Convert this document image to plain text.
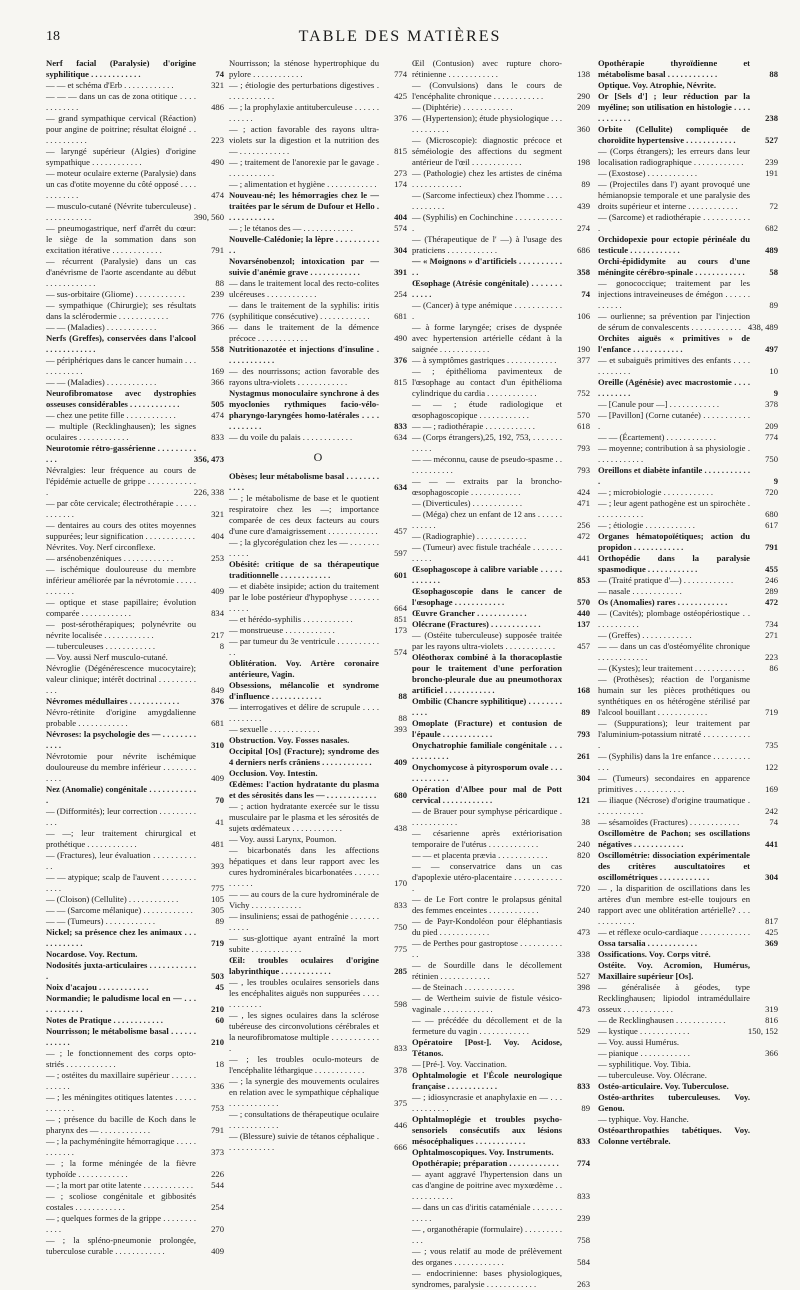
18	TABLE DES MATIÈRES
Nerf facial (Paralysie) d'origine syphilitique . . . . . . . . . . . .	74
— — et schéma d'Erb . . . . . . . . . . . .	321
— — — dans un cas de zona otitique . . . . . . . . . . . .	486
— grand sympathique cervical (Réaction) pour angine de poitrine; résultat éloigné . . . . . . . . . . . .	223
— laryngé supérieur (Algies) d'origine sympathique . . . . . . . . . . . .	490
— moteur oculaire externe (Paralysie) dans un cas d'otite moyenne du côté opposé . . . . . . . . . . . .	474
— musculo-cutané (Névrite tuberculeuse) . . . . . . . . . . . .	390, 560
— pneumogastrique, nerf d'arrêt du cœur: le siège de la sommation dans son excitation itérative . . . . . . . . . . . .	791
— récurrent (Paralysie) dans un cas d'anévrisme de l'aorte ascendante au début . . . . . . . . . . . .	88
— sus-orbitaire (Gliome) . . . . . . . . . . . .	239
— sympathique (Chirurgie); ses résultats dans la sclérodermie . . . . . . . . . . . .	776
— — (Maladies) . . . . . . . . . . . .	366
Nerfs (Greffes), conservées dans l'alcool . . . . . . . . . . . .	558
— périphériques dans le cancer humain . . . . . . . . . . . .	169
— — (Maladies) . . . . . . . . . . . .	366
Neurofibromatose avec dystrophies osseuses considérables . . . . . . . . . . . .	505
— chez une petite fille . . . . . . . . . . . .	474
— multiple (Recklinghausen); les signes oculaires . . . . . . . . . . . .	833
Neurotomie rétro-gassérienne . . . . . . . . . . . .	356, 473
Névralgies: leur fréquence au cours de l'épidémie actuelle de grippe . . . . . . . . . . . .	226, 338
— par côte cervicale; électrothérapie . . . . . . . . . . . .	321
— dentaires au cours des otites moyennes suppurées; leur signification . . . . . . . . . . . .	404
Névrites. Voy. Nerf circonflexe.
— arsénobenzéniques . . . . . . . . . . . .	253
— ischémique douloureuse du membre inférieur améliorée par la névrotomie . . . . . . . . . . . .	409
— optique et stase papillaire; évolution comparée . . . . . . . . . . . .	834
— post-sérothérapiques; polynévrite ou névrite localisée . . . . . . . . . . . .	217
— tuberculeuses . . . . . . . . . . . .	8
— Voy. aussi Nerf musculo-cutané.
Névroglie (Dégénérescence mucocytaire); valeur clinique; intérêt doctrinal . . . . . . . . . . . .	849
Névromes médullaires . . . . . . . . . . . .	376
Névro-rétinite d'origine amygdalienne probable . . . . . . . . . . . .	681
Névroses: la psychologie des — . . . . . . . . . . . .	310
Névrotomie pour névrite ischémique douloureuse du membre inférieur . . . . . . . . . . . .	409
Nez (Anomalie) congénitale . . . . . . . . . . . .	70
— (Difformités); leur correction . . . . . . . . . . . .	41
— —; leur traitement chirurgical et prothétique . . . . . . . . . . . .	481
— (Fractures), leur évaluation . . . . . . . . . . . .	393
— — atypique; scalp de l'auvent . . . . . . . . . . . .	775
— (Cloison) (Cellulite) . . . . . . . . . . . .	105
— — (Sarcome mélanique) . . . . . . . . . . . .	305
— — (Tumeurs) . . . . . . . . . . . .	89
Nickel; sa présence chez les animaux . . . . . . . . . . . .	719
Nocardose. Voy. Rectum.
Nodosités juxta-articulaires . . . . . . . . . . . .	503
Noix d'acajou . . . . . . . . . . . .	45
Normandie; le paludisme local en — . . . . . . . . . . . .	210
Notes de Pratique . . . . . . . . . . . .	60
Nourrisson; le métabolisme basal . . . . . . . . . . . .	210
— ; le fonctionnement des corps opto-striés . . . . . . . . . . . .	18
— ; ostéites du maxillaire supérieur . . . . . . . . . . . .	336
— ; les méningites otitiques latentes . . . . . . . . . . . .	753
— ; présence du bacille de Koch dans le pharynx des — . . . . . . . . . . . .	791
— ; la pachyméningite hémorragique . . . . . . . . . . . .	373
— ; la forme méningée de la fièvre typhoïde . . . . . . . . . . . .	226
— ; la mort par otite latente . . . . . . . . . . . .	544
— ; scoliose congénitale et gibbosités costales . . . . . . . . . . . .	254
— ; quelques formes de la grippe . . . . . . . . . . . .	270
— ; la spléno-pneumonie prolongée, tuberculose curable . . . . . . . . . . . .	409
Nourrisson; la sténose hypertrophique du pylore . . . . . . . . . . . .	774
— ; étiologie des perturbations digestives . . . . . . . . . . . .	425
— ; la prophylaxie antituberculeuse . . . . . . . . . . . .	376
— ; action favorable des rayons ultra-violets sur la digestion et la nutrition des — . . . . . . . . . . . .	815
— ; traitement de l'anorexie par le gavage . . . . . . . . . . . .	273
— ; alimentation et hygiène . . . . . . . . . . . .	174
Nouveau-né; les hémorragies chez le — traitées par le sérum de Dufour et Hello . . . . . . . . . . . .	404
— ; le tétanos des — . . . . . . . . . . . .	574
Nouvelle-Calédonie; la lèpre . . . . . . . . . . . .	304
Novarsénobenzol; intoxication par — suivie d'anémie grave . . . . . . . . . . . .	391
— dans le traitement local des recto-colites ulcéreuses . . . . . . . . . . . .	254
— dans le traitement de la syphilis: iritis (syphilitique consécutive) . . . . . . . . . . . .	681
— dans le traitement de la démence précoce . . . . . . . . . . . .	490
Nutritionazotée et injections d'insuline . . . . . . . . . . . .	376
— des nourrissons; action favorable des rayons ultra-violets . . . . . . . . . . . .	815
Nystagmus monoculaire synchrone à des myoclonies rythmiques facio-vélo-pharyngo-laryngées homo-latérales . . . . . . . . . . . .	833
— du voile du palais . . . . . . . . . . . .	634
O
Obèses; leur métabolisme basal . . . . . . . . . . . .	634
— ; le métabolisme de base et le quotient respiratoire chez les —; importance comparée de ces deux facteurs au cours d'une cure d'amaigrissement . . . . . . . . . . . .	457
— ; la glycorégulation chez les — . . . . . . . . . . . .	597
Obésité: critique de sa thérapeutique traditionnelle . . . . . . . . . . . .	601
— et diabète insipide; action du traitement par le lobe postérieur d'hypophyse . . . . . . . . . . . .	664
— et hérédo-syphilis . . . . . . . . . . . .	851
— monstrueuse . . . . . . . . . . . .	173
— par tumeur du 3e ventricule . . . . . . . . . . . .	574
Oblitération. Voy. Artère coronaire antérieure, Vagin.
Obsessions, mélancolie et syndrome d'influence . . . . . . . . . . . .	88
— interrogatives et délire de scrupule . . . . . . . . . . . .	88
— sexuelle . . . . . . . . . . . .	393
Obstruction. Voy. Fosses nasales.
Occipital [Os] (Fracture); syndrome des 4 derniers nerfs crâniens . . . . . . . . . . . .	409
Occlusion. Voy. Intestin.
Œdèmes: l'action hydratante du plasma et des sérosités dans les — . . . . . . . . . . . .	680
— ; action hydratante exercée sur le tissu musculaire par le plasma et les sérosités de sujets œdémateux . . . . . . . . . . . .	438
— Voy. aussi Larynx, Poumon.
— bicarbonatés dans les affections hépatiques et dans leur rapport avec les cures hydrominérales bicarbonatées . . . . . . . . . . . .	170
— — au cours de la cure hydrominérale de Vichy . . . . . . . . . . . .	833
— insuliniens; essai de pathogénie . . . . . . . . . . . .	750
— sus-glottique ayant entraîné la mort subite . . . . . . . . . . . .	775
Œil: troubles oculaires d'origine labyrinthique . . . . . . . . . . . .	285
— , les troubles oculaires sensoriels dans les encéphalites aiguës non suppurées . . . . . . . . . . . .	598
— , les signes oculaires dans la sclérose tubéreuse des circonvolutions cérébrales et la neurofibromatose multiple . . . . . . . . . . . .	833
— ; les troubles oculo-moteurs de l'encéphalite léthargique . . . . . . . . . . . .	378
— ; la synergie des mouvements oculaires en relation avec le sympathique céphalique . . . . . . . . . . . .	375
— ; consultations de thérapeutique oculaire . . . . . . . . . . . .	446
— (Blessure) suivie de tétanos céphalique . . . . . . . . . . . .	666
Œil (Contusion) avec rupture choro-rétinienne . . . . . . . . . . . .	138
— (Convulsions) dans le cours de l'encéphalite chronique . . . . . . . . . . . .	290
— (Diphtérie) . . . . . . . . . . . .	209
— (Hypertension); étude physiologique . . . . . . . . . . . .	360
— (Microscopie): diagnostic précoce et séméiologie des affections du segment antérieur de l'œil . . . . . . . . . . . .	198
— (Pathologie) chez les artistes de cinéma . . . . . . . . . . . .	89
— (Sarcome infectieux) chez l'homme . . . . . . . . . . . .	439
— (Syphilis) en Cochinchine . . . . . . . . . . . .	274
— (Thérapeutique de l' —) à l'usage des praticiens . . . . . . . . . . . .	686
— « Moignons » d'artificiels . . . . . . . . . . . .	358
Œsophage (Atrésie congénitale) . . . . . . . . . . . .	74
— (Cancer) à type anémique . . . . . . . . . . . .	106
— à forme laryngée; crises de dyspnée avec hypertension artérielle cédant à la saignée . . . . . . . . . . . .	190
— à symptômes gastriques . . . . . . . . . . . .	377
— ; épithélioma pavimenteux de l'œsophage au contact d'un épithélioma cylindrique du cardia . . . . . . . . . . . .	752
— — ; étude radiologique et œsophagoscopique . . . . . . . . . . . .	570
— — ; radiothérapie . . . . . . . . . . . .	618
— (Corps étrangers),25, 192, 753, . . . . . . . . . . . .	793
— — méconnu, cause de pseudo-spasme . . . . . . . . . . . .	793
— — — extraits par la broncho-œsophagoscopie . . . . . . . . . . . .	424
— (Diverticules) . . . . . . . . . . . .	471
— (Méga) chez un enfant de 12 ans . . . . . . . . . . . .	256
— (Radiographie) . . . . . . . . . . . .	472
— (Tumeur) avec fistule trachéale . . . . . . . . . . . .	441
Œsophagoscope à calibre variable . . . . . . . . . . . .	853
Œsophagoscopie dans le cancer de l'œsophage . . . . . . . . . . . .	570
Œuvre Grancher . . . . . . . . . . . .	440
Olécrane (Fractures) . . . . . . . . . . . .	137
— (Ostéite tuberculeuse) supposée traitée par les rayons ultra-violets . . . . . . . . . . . .	457
Oléothorax combiné à la thoracoplastie pour le traitement d'une perforation broncho-pleurale due au pneumothorax artificiel . . . . . . . . . . . .	168
Ombilic (Chancre syphilitique) . . . . . . . . . . . .	89
Omoplate (Fracture) et contusion de l'épaule . . . . . . . . . . . .	793
Onychatrophie familiale congénitale . . . . . . . . . . . .	261
Onychomycose à pityrosporum ovale . . . . . . . . . . . .	304
Opération d'Albee pour mal de Pott cervical . . . . . . . . . . . .	121
— de Brauer pour symphyse péricardique . . . . . . . . . . . .	38
— césarienne après extériorisation temporaire de l'utérus . . . . . . . . . . . .	240
— — et placenta prævia . . . . . . . . . . . .	820
— — conservatrice dans un cas d'apoplexie utéro-placentaire . . . . . . . . . . . .	720
— de Le Fort contre le prolapsus génital des femmes enceintes . . . . . . . . . . . .	240
— de Payr-Kondoléon pour éléphantiasis du pied . . . . . . . . . . . .	473
— de Perthes pour gastroptose . . . . . . . . . . . .	338
— de Sourdille dans le décollement rétinien . . . . . . . . . . . .	527
— de Steinach . . . . . . . . . . . .	398
— de Wertheim suivie de fistule vésico-vaginale . . . . . . . . . . . .	473
— — précédée du décollement et de la fermeture du vagin . . . . . . . . . . . .	529
Opératoire [Post-]. Voy. Acidose, Tétanos.
— [Pré-]. Voy. Vaccination.
Ophtalmologie et l'École neurologique française . . . . . . . . . . . .	833
— ; idiosyncrasie et anaphylaxie en — . . . . . . . . . . . .	89
Ophtalmoplégie et troubles psycho-sensoriels consécutifs aux lésions mésocéphaliques . . . . . . . . . . . .	833
Ophtalmoscopiques. Voy. Instruments.
Opothérapie; préparation . . . . . . . . . . . .	774
— ayant aggravé l'hypertension dans un cas d'angine de poitrine avec myxœdème . . . . . . . . . . . .	833
— dans un cas d'iritis cataméniale . . . . . . . . . . . .	239
— , organothérapie (formulaire) . . . . . . . . . . . .	758
— ; vous relatif au mode de prélèvement des organes . . . . . . . . . . . .	584
— endocrinienne: bases physiologiques, syndromes, paralysie . . . . . . . . . . . .	263
Opothérapie thyroïdienne et métabolisme basal . . . . . . . . . . . .	88
Optique. Voy. Atrophie, Névrite.
Or [Sels d'] ; leur réduction par la myéline; son utilisation en histologie . . . . . . . . . . . .	238
Orbite (Cellulite) compliquée de choroïdite hypertensive . . . . . . . . . . . .	527
— (Corps étrangers); les erreurs dans leur localisation radiographique . . . . . . . . . . . .	239
— (Exostose) . . . . . . . . . . . .	191
— (Projectiles dans l') ayant provoqué une hémianopsie temporale et une paralysie des droits supérieur et interne . . . . . . . . . . . .	72
— (Sarcome) et radiothérapie . . . . . . . . . . . .	682
Orchidopexie pour ectopie périnéale du testicule . . . . . . . . . . . .	489
Orchi-épididymite au cours d'une méningite cérébro-spinale . . . . . . . . . . . .	58
— gonococcique; traitement par les injections intraveineuses de émégon . . . . . . . . . . . .	89
— ourlienne; sa prévention par l'injection de sérum de convalescents . . . . . . . . . . . . 438, 489
Orchites aiguës « primitives » de l'enfance . . . . . . . . . . . .	497
— et subaiguës primitives des enfants . . . . . . . . . . . .	10
Oreille (Agénésie) avec macrostomie . . . . . . . . . . . .	9
— [Canule pour —] . . . . . . . . . . . .	378
— [Pavillon] (Corne cutanée) . . . . . . . . . . . .	209
— — (Écartement) . . . . . . . . . . . .	774
— moyenne; contribution à sa physiologie . . . . . . . . . . . .	750
Oreillons et diabète infantile . . . . . . . . . . . .	9
— ; microbiologie . . . . . . . . . . . .	720
— ; leur agent pathogène est un spirochète . . . . . . . . . . . .	680
— ; étiologie . . . . . . . . . . . .	617
Organes hématopoïétiques; action du propidon . . . . . . . . . . . .	791
Orthopédie dans la paralysie spasmodique . . . . . . . . . . . .	455
— (Traité pratique d'—) . . . . . . . . . . . .	246
— nasale . . . . . . . . . . . .	289
Os (Anomalies) rares . . . . . . . . . . . .	472
— (Cavités); plombage ostéopériostique . . . . . . . . . . . .	734
— (Greffes) . . . . . . . . . . . .	271
— — dans un cas d'ostéomyélite chronique . . . . . . . . . . . .	223
— (Kystes); leur traitement . . . . . . . . . . . .	86
— (Prothèses); réaction de l'organisme humain sur les pièces prothétiques ou synthétiques en os hétérogène stérilisé par l'alcool bouillant . . . . . . . . . . . .	719
— (Suppurations); leur traitement par l'aluminium-potassium nitraté . . . . . . . . . . . .	735
— (Syphilis) dans la 1re enfance . . . . . . . . . . . .	122
— (Tumeurs) secondaires en apparence primitives . . . . . . . . . . . .	169
— iliaque (Nécrose) d'origine traumatique . . . . . . . . . . . .	242
— sésamoïdes (Fractures) . . . . . . . . . . . .	74
Oscillomètre de Pachon; ses oscillations négatives . . . . . . . . . . . .	441
Oscillométrie: dissociation expérimentale des critères auscultatoires et oscillométriques . . . . . . . . . . . .	304
— , la disparition de oscillations dans les artères d'un membre est-elle toujours en rapport avec une oblitération artérielle? . . . . . . . . . . . .	817
— et réflexe oculo-cardiaque . . . . . . . . . . . .	425
Ossa tarsalia . . . . . . . . . . . .	369
Ossifications. Voy. Corps vitré.
Ostéite. Voy. Acromion, Humérus, Maxillaire supérieur [Os].
— généralisée à géodes, type Recklinghausen; lipiodol intramédullaire osseux . . . . . . . . . . . .	319
— de Recklinghausen . . . . . . . . . . . .	816
— kystique . . . . . . . . . . . .	150, 152
— Voy. aussi Humérus.
— pianique . . . . . . . . . . . .	366
— syphilitique. Voy. Tibia.
— tuberculeuse. Voy. Olécrane.
Ostéo-articulaire. Voy. Tuberculose.
Ostéo-arthrites tuberculeuses. Voy. Genou.
— typhique. Voy. Hanche.
Ostéoarthropathies tabétiques. Voy. Colonne vertébrale.
